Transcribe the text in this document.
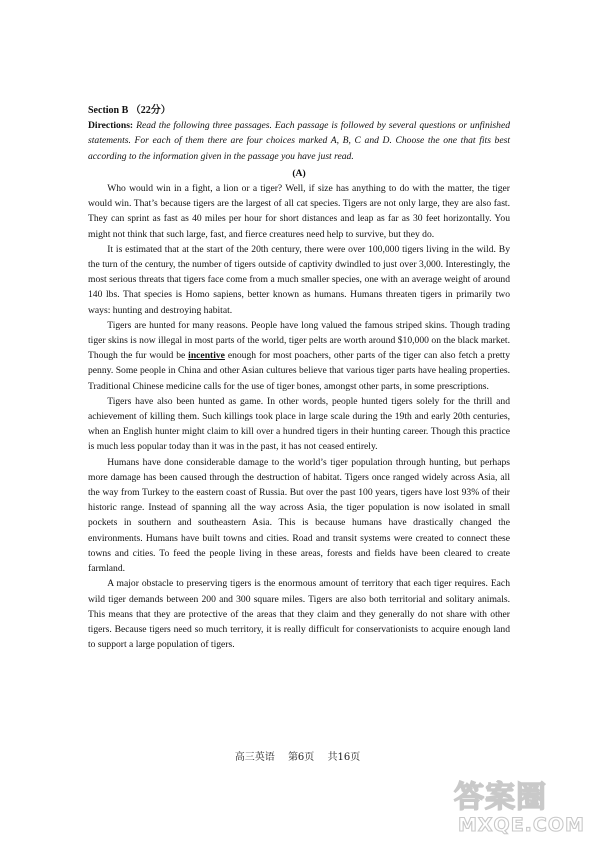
Section B （22分）

Directions: Read the following three passages. Each passage is followed by several questions or unfinished statements. For each of them there are four choices marked A, B, C and D. Choose the one that fits best according to the information given in the passage you have just read.

(A)

Who would win in a fight, a lion or a tiger? Well, if size has anything to do with the matter, the tiger would win. That’s because tigers are the largest of all cat species. Tigers are not only large, they are also fast. They can sprint as fast as 40 miles per hour for short distances and leap as far as 30 feet horizontally. You might not think that such large, fast, and fierce creatures need help to survive, but they do.

It is estimated that at the start of the 20th century, there were over 100,000 tigers living in the wild. By the turn of the century, the number of tigers outside of captivity dwindled to just over 3,000. Interestingly, the most serious threats that tigers face come from a much smaller species, one with an average weight of around 140 lbs. That species is Homo sapiens, better known as humans. Humans threaten tigers in primarily two ways: hunting and destroying habitat.

Tigers are hunted for many reasons. People have long valued the famous striped skins. Though trading tiger skins is now illegal in most parts of the world, tiger pelts are worth around $10,000 on the black market. Though the fur would be incentive enough for most poachers, other parts of the tiger can also fetch a pretty penny. Some people in China and other Asian cultures believe that various tiger parts have healing properties. Traditional Chinese medicine calls for the use of tiger bones, amongst other parts, in some prescriptions.

Tigers have also been hunted as game. In other words, people hunted tigers solely for the thrill and achievement of killing them. Such killings took place in large scale during the 19th and early 20th centuries, when an English hunter might claim to kill over a hundred tigers in their hunting career. Though this practice is much less popular today than it was in the past, it has not ceased entirely.

Humans have done considerable damage to the world’s tiger population through hunting, but perhaps more damage has been caused through the destruction of habitat. Tigers once ranged widely across Asia, all the way from Turkey to the eastern coast of Russia. But over the past 100 years, tigers have lost 93% of their historic range. Instead of spanning all the way across Asia, the tiger population is now isolated in small pockets in southern and southeastern Asia. This is because humans have drastically changed the environments. Humans have built towns and cities. Road and transit systems were created to connect these towns and cities. To feed the people living in these areas, forests and fields have been cleared to create farmland.

A major obstacle to preserving tigers is the enormous amount of territory that each tiger requires. Each wild tiger demands between 200 and 300 square miles. Tigers are also both territorial and solitary animals. This means that they are protective of the areas that they claim and they generally do not share with other tigers. Because tigers need so much territory, it is really difficult for conservationists to acquire enough land to support a large population of tigers.

高三英语 第6页 共16页
答案圈
MXQE.COM
